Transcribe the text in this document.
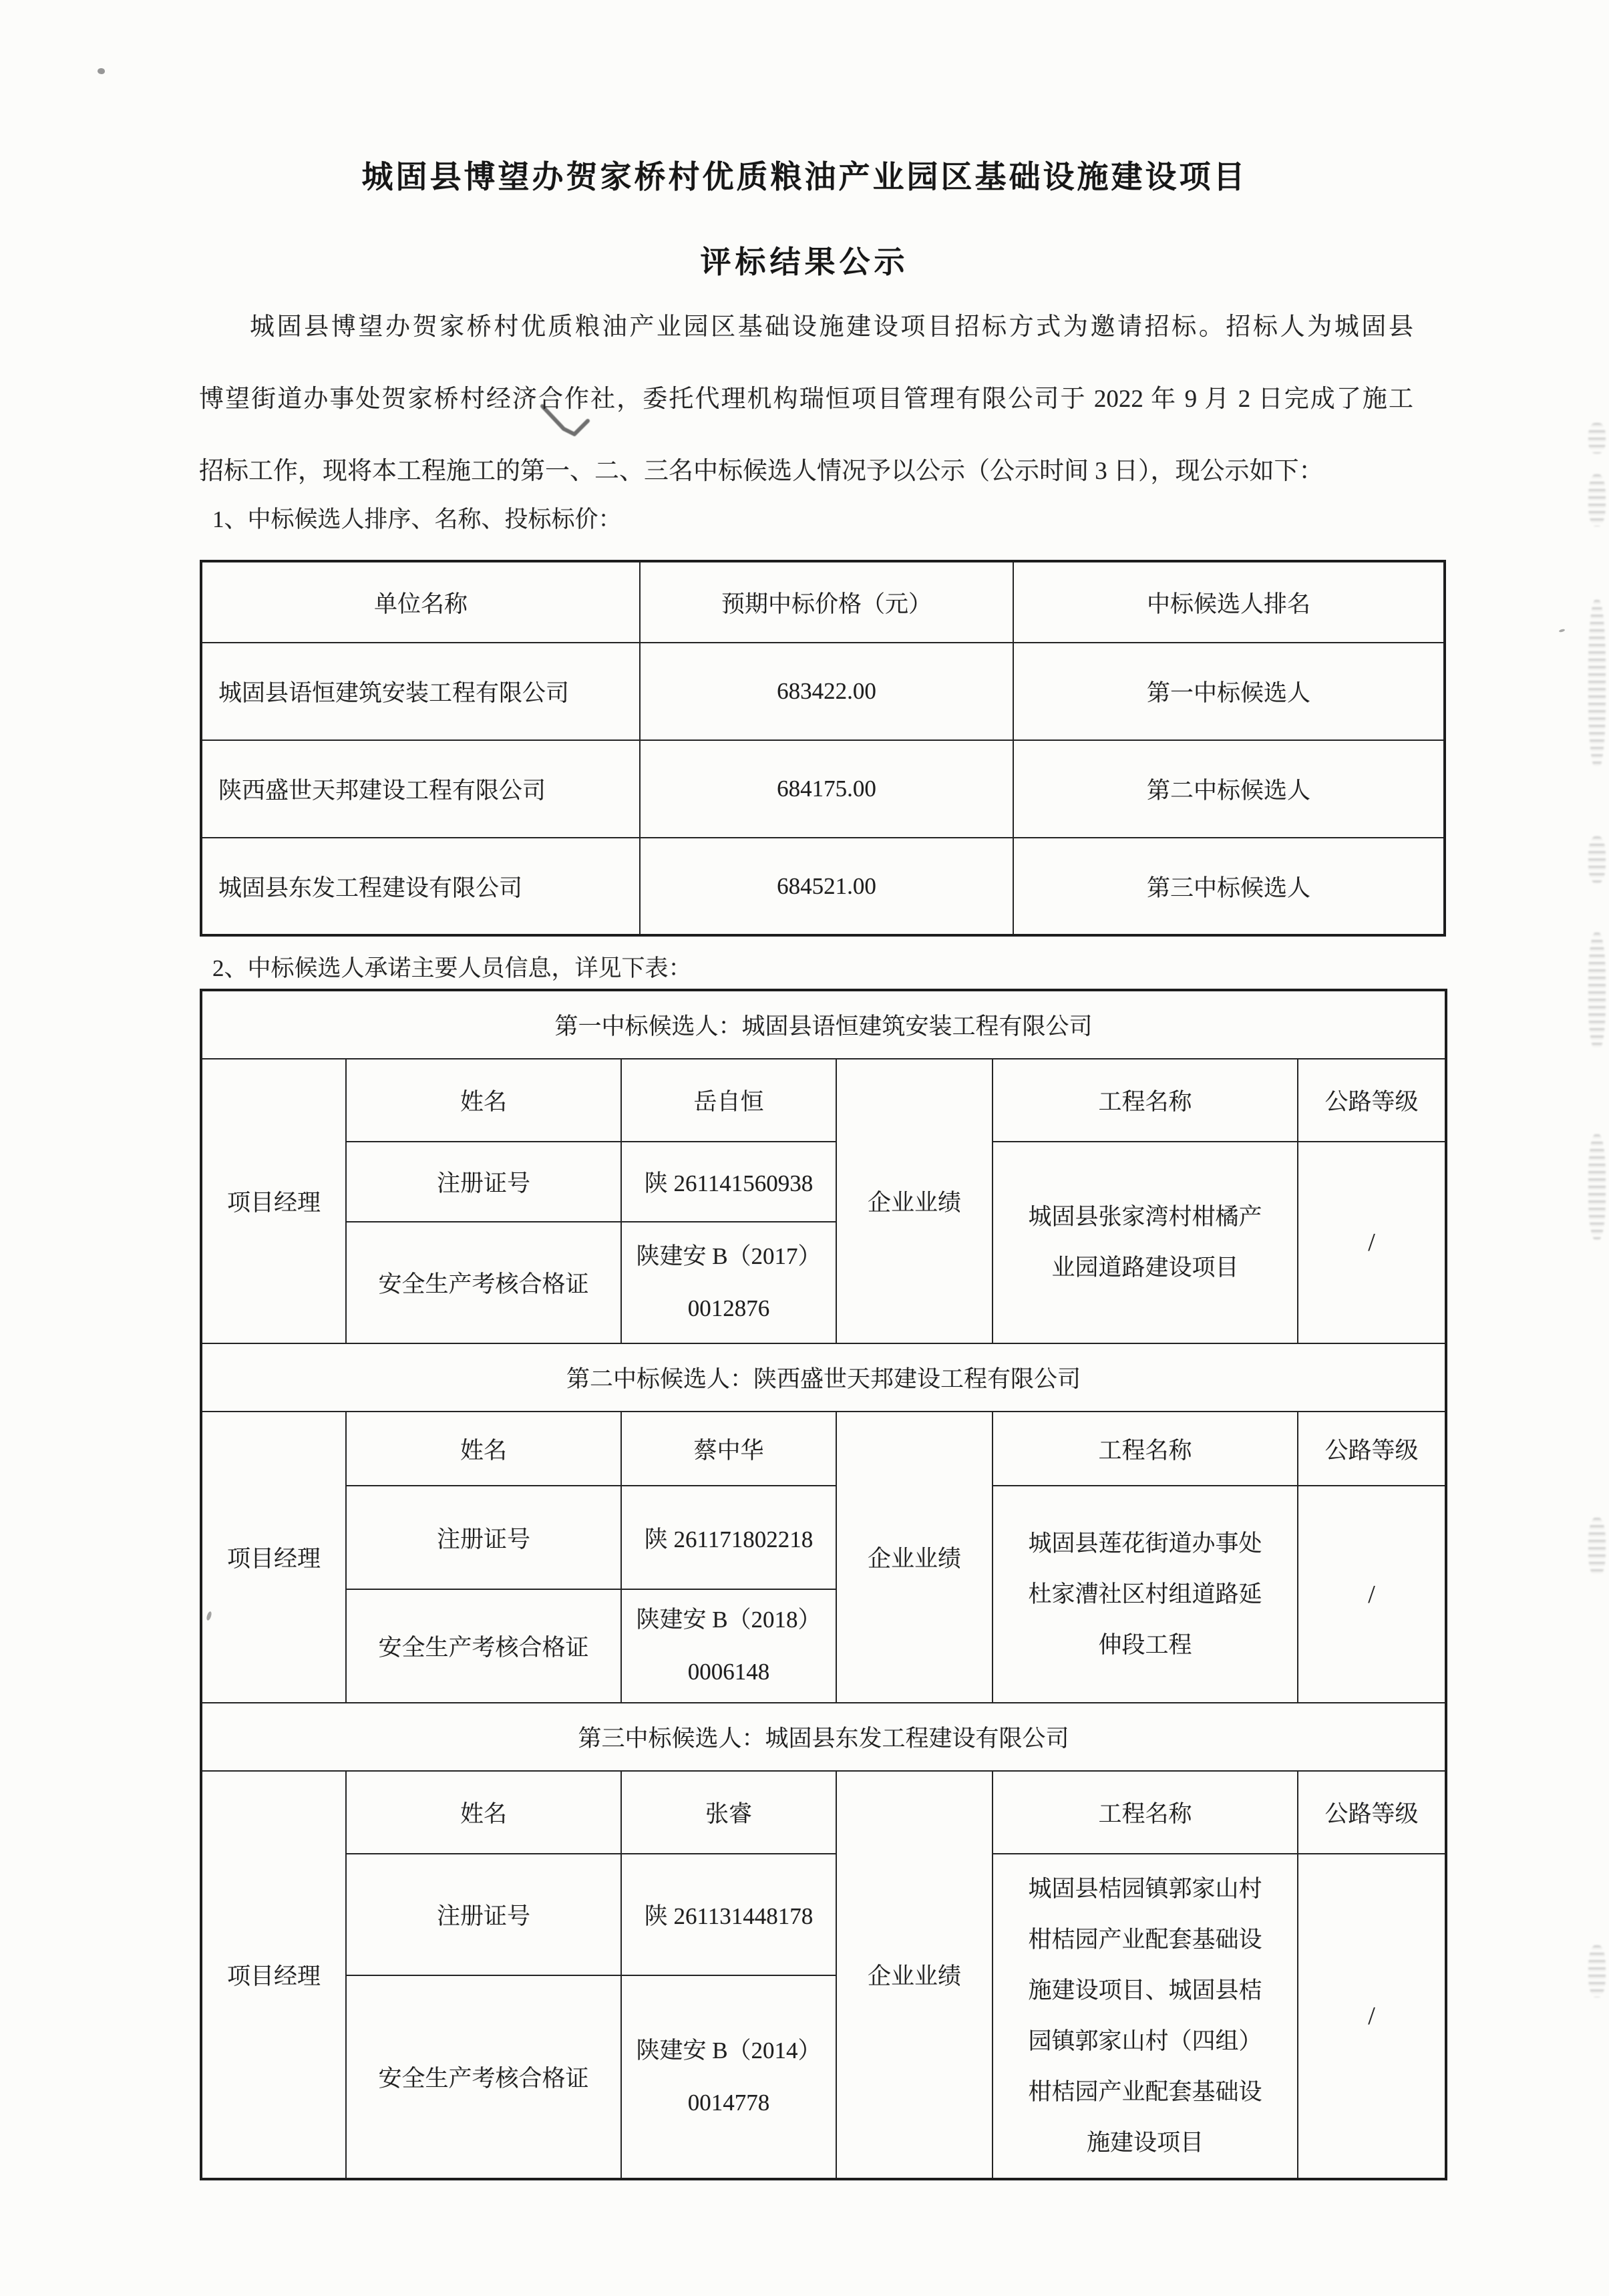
城固县博望办贺家桥村优质粮油产业园区基础设施建设项目
评标结果公示
城固县博望办贺家桥村优质粮油产业园区基础设施建设项目招标方式为邀请招标。招标人为城固县
博望街道办事处贺家桥村经济合作社，委托代理机构瑞恒项目管理有限公司于 2022 年 9 月 2 日完成了施工
招标工作，现将本工程施工的第一、二、三名中标候选人情况予以公示（公示时间 3 日），现公示如下：
1、中标候选人排序、名称、投标标价：
单位名称	预期中标价格（元）	中标候选人排名
城固县语恒建筑安装工程有限公司	683422.00	第一中标候选人
陕西盛世天邦建设工程有限公司	684175.00	第二中标候选人
城固县东发工程建设有限公司	684521.00	第三中标候选人
2、中标候选人承诺主要人员信息，详见下表：
第一中标候选人：城固县语恒建筑安装工程有限公司					
项目经理	姓名	岳自恒	企业业绩	工程名称	公路等级
	注册证号	陕 261141560938		城固县张家湾村柑橘产业园道路建设项目	/
	安全生产考核合格证	陕建安 B（2017）0012876			
第二中标候选人：陕西盛世天邦建设工程有限公司					
项目经理	姓名	蔡中华	企业业绩	工程名称	公路等级
	注册证号	陕 261171802218		城固县莲花街道办事处杜家漕社区村组道路延伸段工程	/
	安全生产考核合格证	陕建安 B（2018）0006148			
第三中标候选人：城固县东发工程建设有限公司					
项目经理	姓名	张睿	企业业绩	工程名称	公路等级
	注册证号	陕 261131448178		城固县桔园镇郭家山村柑桔园产业配套基础设施建设项目、城固县桔园镇郭家山村（四组）柑桔园产业配套基础设施建设项目	/
	安全生产考核合格证	陕建安 B（2014）0014778			
